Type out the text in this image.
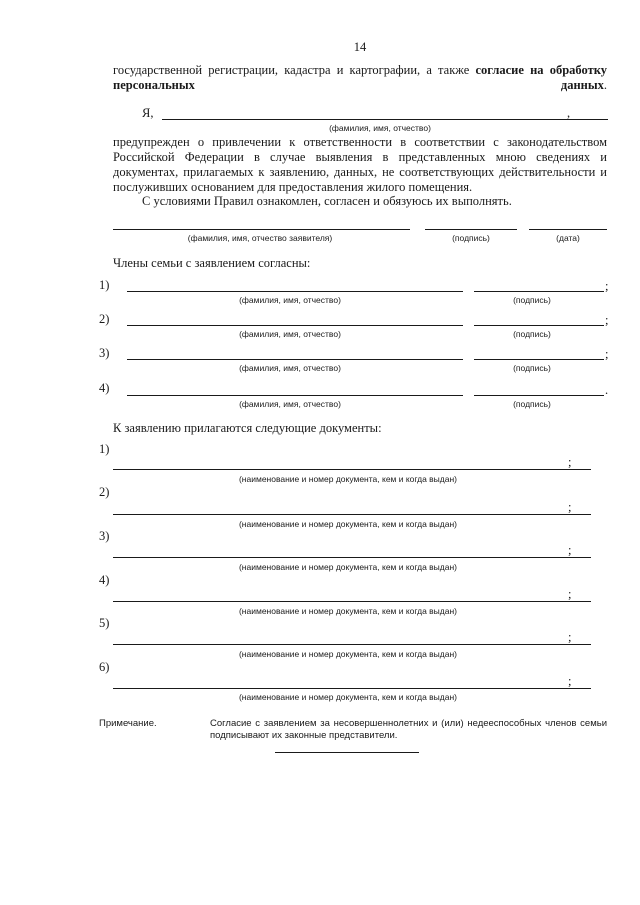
14
государственной регистрации, кадастра и картографии, а также согласие на обработку персональных данных.
Я,	,
(фамилия, имя, отчество)
предупрежден о привлечении к ответственности в соответствии с законодательством Российской Федерации в случае выявления в представленных мною сведениях и документах, прилагаемых к заявлению, данных, не соответствующих действительности и послуживших основанием для предоставления жилого помещения.
С условиями Правил ознакомлен, согласен и обязуюсь их выполнять.
(фамилия, имя, отчество заявителя)	(подпись)	(дата)
Члены семьи с заявлением согласны:
1)	;
(фамилия, имя, отчество)	(подпись)
2)	;
(фамилия, имя, отчество)	(подпись)
3)	;
(фамилия, имя, отчество)	(подпись)
4)	.
(фамилия, имя, отчество)	(подпись)
К заявлению прилагаются следующие документы:
1)
;
(наименование и номер документа, кем и когда выдан)
2)
;
(наименование и номер документа, кем и когда выдан)
3)
;
(наименование и номер документа, кем и когда выдан)
4)
;
(наименование и номер документа, кем и когда выдан)
5)
;
(наименование и номер документа, кем и когда выдан)
6)
;
(наименование и номер документа, кем и когда выдан)
Примечание.	Согласие с заявлением за несовершеннолетних и (или) недееспособных членов семьи подписывают их законные представители.
